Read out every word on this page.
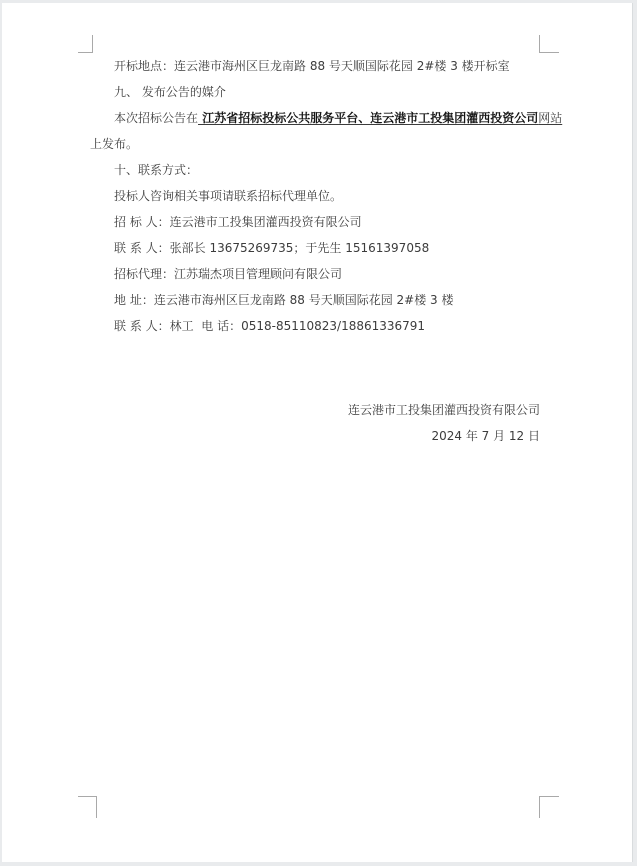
开标地点：连云港市海州区巨龙南路 88 号天顺国际花园 2#楼 3 楼开标室

九、 发布公告的媒介

本次招标公告在 江苏省招标投标公共服务平台、连云港市工投集团灌西投资公司网站

上发布。

十、联系方式：

投标人咨询相关事项请联系招标代理单位。

招 标 人：连云港市工投集团灌西投资有限公司

联 系 人：张部长 13675269735；于先生 15161397058

招标代理：江苏瑞杰项目管理顾问有限公司

地 址：连云港市海州区巨龙南路 88 号天顺国际花园 2#楼 3 楼

联 系 人：林工  电 话：0518-85110823/18861336791

连云港市工投集团灌西投资有限公司

2024 年 7 月 12 日
